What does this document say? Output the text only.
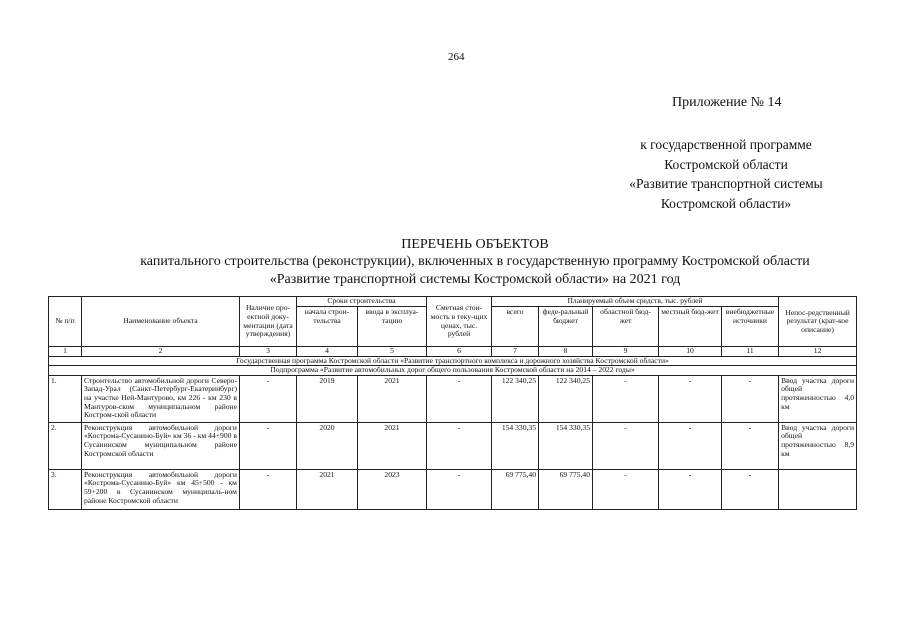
264
Приложение № 14
к государственной программе
Костромской области
«Развитие транспортной системы
Костромской области»
ПЕРЕЧЕНЬ ОБЪЕКТОВ
капитального строительства (реконструкции), включенных в государственную программу Костромской области
«Развитие транспортной системы Костромской области» на 2021 год
№ п/п	Наименование объекта	Наличие про-ектной доку-ментации (дата утверждения)	Сроки строительства		Сметная стои-мость в теку-щих ценах, тыс. рублей	Планируемый объем средств, тыс. рублей					Непос-редственный результат (крат-кое описание)
			начала строи-тельства	ввода в эксплуа-тацию		всего	феде-ральный бюджет	областной бюд-жет	местный бюд-жет	внебюджетные источники	
1	2	3	4	5	6	7	8	9	10	11	12
Государственная программа Костромской области «Развитие транспортного комплекса и дорожного хозяйства Костромской области»											
Подпрограмма «Развитие автомобильных дорог общего пользования Костромской области на 2014 – 2022 годы»											
1.	Строительство автомобильной дороги Северо-Запад-Урал (Санкт-Петербург-Екатеринбург) на участке Ней-Мантурово, км 226 - км 230 в Мантуров-ском муниципальном районе Костром-ской области	-	2019	2021	-	122 340,25	122 340,25	-	-	-	Ввод участка дороги общей протяженностью 4,0 км
2.	Реконструкция автомобильной дороги «Кострома-Сусанино-Буй» км 36 - км 44+900 в Сусанинском муниципальном районе Костромской области	-	2020	2021	-	154 330,35	154 330,35	-	-	-	Ввод участка дороги общей протяженностью 8,9 км
3.	Реконструкция автомобильной дороги «Кострома-Сусанино-Буй» км 45+500 - км 59+200 в Сусанинском муниципаль-ном районе Костромской области	-	2021	2023	-	69 775,40	69 775,40	-	-	-	
